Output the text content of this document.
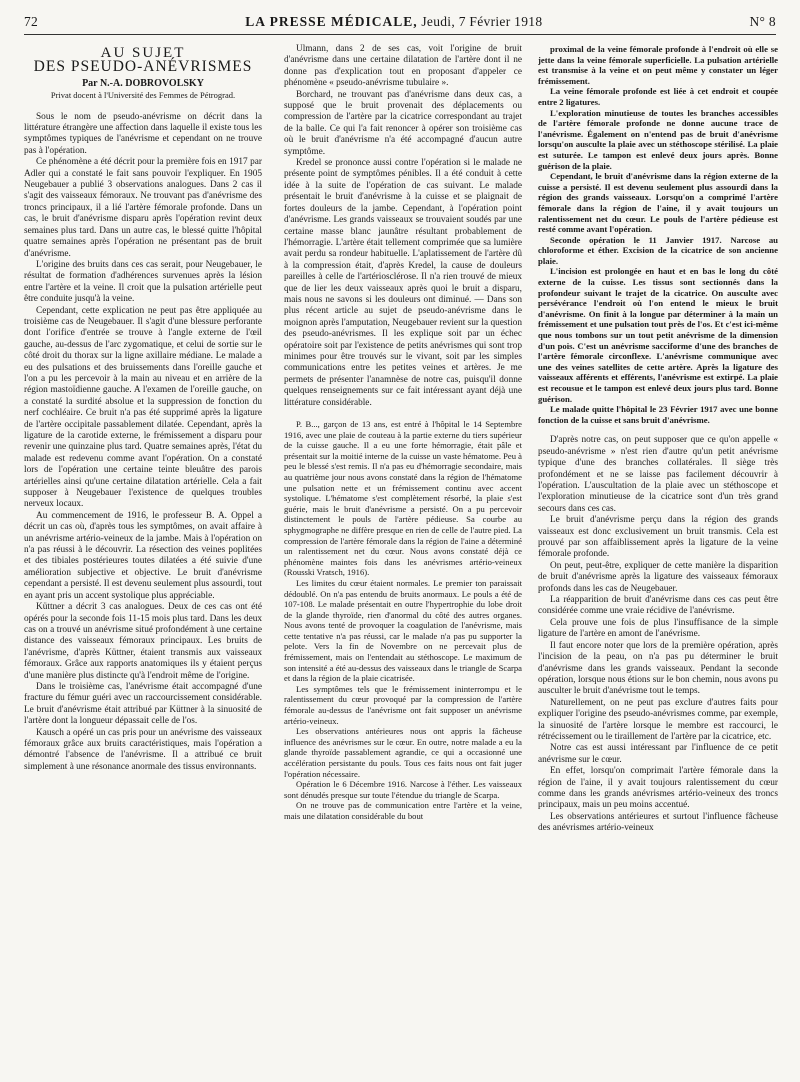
72	LA PRESSE MÉDICALE, Jeudi, 7 Février 1918	N° 8
AU SUJET
DES PSEUDO-ANÉVRISMES
Par N.-A. DOBROVOLSKY
Privat docent à l'Université des Femmes de Pétrograd.

Sous le nom de pseudo-anévrisme on décrit dans la littérature étrangère une affection dans laquelle il existe tous les symptômes typiques de l'anévrisme et cependant on ne trouve pas à l'opération.

Ce phénomène a été décrit pour la première fois en 1917 par Adler qui a constaté le fait sans pouvoir l'expliquer. En 1905 Neugebauer a publié 3 observations analogues. Dans 2 cas il s'agit des vaisseaux fémoraux. Ne trouvant pas d'anévrisme des troncs principaux, il a lié l'artère fémorale profonde. Dans un cas, le bruit d'anévrisme disparu après l'opération revint deux semaines plus tard. Dans un autre cas, le blessé quitte l'hôpital quatre semaines après l'opération ne présentant pas de bruit d'anévrisme.

L'origine des bruits dans ces cas serait, pour Neugebauer, le résultat de formation d'adhérences survenues après la lésion entre l'artère et la veine. Il croit que la pulsation artérielle peut être conduite jusqu'à la veine.

Cependant, cette explication ne peut pas être appliquée au troisième cas de Neugebauer. Il s'agit d'une blessure perforante dont l'orifice d'entrée se trouve à l'angle externe de l'œil gauche, au-dessus de l'arc zygomatique, et celui de sortie sur le côté droit du thorax sur la ligne axillaire médiane. Le malade a eu des pulsations et des bruissements dans l'oreille gauche et l'on a pu les percevoir à la main au niveau et en arrière de la région mastoïdienne gauche. A l'examen de l'oreille gauche, on a constaté la surdité absolue et la suppression de fonction du nerf cochléaire. Ce bruit n'a pas été supprimé après la ligature de l'artère occipitale passablement dilatée. Cependant, après la ligature de la carotide externe, le frémissement a disparu pour revenir une quinzaine plus tard. Quatre semaines après, l'état du malade est redevenu comme avant l'opération. On a constaté lors de l'opération une certaine teinte bleuâtre des parois artérielles ainsi qu'une certaine dilatation artérielle. Cela a fait supposer à Neugebauer l'existence de quelques troubles nerveux locaux.

Au commencement de 1916, le professeur B. A. Oppel a décrit un cas où, d'après tous les symptômes, on avait affaire à un anévrisme artério-veineux de la jambe. Mais à l'opération on n'a pas réussi à le découvrir. La résection des veines poplitées et des tibiales postérieures toutes dilatées a été suivie d'une amélioration subjective et objective. Le bruit d'anévrisme cependant a persisté. Il est devenu seulement plus assourdi, tout en ayant pris un accent systolique plus appréciable.

Küttner a décrit 3 cas analogues. Deux de ces cas ont été opérés pour la seconde fois 11-15 mois plus tard. Dans les deux cas on a trouvé un anévrisme situé profondément à une certaine distance des vaisseaux fémoraux principaux. Les bruits de l'anévrisme, d'après Küttner, étaient transmis aux vaisseaux fémoraux. Grâce aux rapports anatomiques ils y étaient perçus d'une manière plus distincte qu'à l'endroit même de l'origine.

Dans le troisième cas, l'anévrisme était accompagné d'une fracture du fémur guéri avec un raccourcissement considérable. Le bruit d'anévrisme était attribué par Küttner à la sinuosité de l'artère dont la longueur dépassait celle de l'os.

Kausch a opéré un cas pris pour un anévrisme des vaisseaux fémoraux grâce aux bruits caractéristiques, mais l'opération a démontré l'absence de l'anévrisme. Il a attribué ce bruit simplement à une résonance anormale des tissus environnants.

Ulmann, dans 2 de ses cas, voit l'origine de bruit d'anévrisme dans une certaine dilatation de l'artère dont il ne donne pas d'explication tout en proposant d'appeler ce phénomène « pseudo-anévrisme tubulaire ».

Borchard, ne trouvant pas d'anévrisme dans deux cas, a supposé que le bruit provenait des déplacements ou compression de l'artère par la cicatrice correspondant au trajet de la balle. Ce qui l'a fait renoncer à opérer son troisième cas où le bruit d'anévrisme n'a été accompagné d'aucun autre symptôme.

Kredel se prononce aussi contre l'opération si le malade ne présente point de symptômes pénibles. Il a été conduit à cette idée à la suite de l'opération de cas suivant. Le malade présentait le bruit d'anévrisme à la cuisse et se plaignait de fortes douleurs de la jambe. Cependant, à l'opération point d'anévrisme. Les grands vaisseaux se trouvaient soudés par une certaine masse blanc jaunâtre résultant probablement de l'hémorragie. L'artère était tellement comprimée que sa lumière avait perdu sa rondeur habituelle. L'aplatissement de l'artère dû à la compression était, d'après Kredel, la cause de douleurs pareilles à celle de l'artériosclérose. Il n'a rien trouvé de mieux que de lier les deux vaisseaux après quoi le bruit a disparu, mais nous ne savons si les douleurs ont diminué. — Dans son plus récent article au sujet de pseudo-anévrisme dans le moignon après l'amputation, Neugebauer revient sur la question des pseudo-anévrismes. Il les explique soit par un échec opératoire soit par l'existence de petits anévrismes qui sont trop minimes pour être trouvés sur le vivant, soit par les simples communications entre les petites veines et artères. Je me permets de présenter l'anamnèse de notre cas, puisqu'il donne quelques renseignements sur ce fait intéressant ayant déjà une littérature considérable.

P. B..., garçon de 13 ans, est entré à l'hôpital le 14 Septembre 1916, avec une plaie de couteau à la partie externe du tiers supérieur de la cuisse gauche. Il a eu une forte hémorragie, était pâle et présentait sur la moitié interne de la cuisse un vaste hématome. Peu à peu le blessé s'est remis. Il n'a pas eu d'hémorragie secondaire, mais au quatrième jour nous avons constaté dans la région de l'hématome une pulsation nette et un frémissement continu avec accent systolique. L'hématome s'est complètement résorbé, la plaie s'est guérie, mais le bruit d'anévrisme a persisté. On a pu percevoir distinctement le pouls de l'artère pédieuse. Sa courbe au sphygmographe ne diffère presque en rien de celle de l'autre pied. La compression de l'artère fémorale dans la région de l'aine a déterminé un ralentissement net du cœur. Nous avons constaté déjà ce phénomène maintes fois dans les anévrismes artério-veineux (Rousski Vratsch, 1916).

Les limites du cœur étaient normales. Le premier ton paraissait dédoublé. On n'a pas entendu de bruits anormaux. Le pouls a été de 107-108. Le malade présentait en outre l'hypertrophie du lobe droit de la glande thyroïde, rien d'anormal du côté des autres organes. Nous avons tenté de provoquer la coagulation de l'anévrisme, mais cette tentative n'a pas réussi, car le malade n'a pas pu supporter la pelote. Vers la fin de Novembre on ne percevait plus de frémissement, mais on l'entendait au stéthoscope. Le maximum de son intensité a été au-dessus des vaisseaux dans le triangle de Scarpa et dans la région de la plaie cicatrisée.

Les symptômes tels que le frémissement ininterrompu et le ralentissement du cœur provoqué par la compression de l'artère fémorale au-dessus de l'anévrisme ont fait supposer un anévrisme artério-veineux.

Les observations antérieures nous ont appris la fâcheuse influence des anévrismes sur le cœur. En outre, notre malade a eu la glande thyroïde passablement agrandie, ce qui a occasionné une accélération persistante du pouls. Tous ces faits nous ont fait juger l'opération nécessaire.

Opération le 6 Décembre 1916. Narcose à l'éther. Les vaisseaux sont dénudés presque sur toute l'étendue du triangle de Scarpa.

On ne trouve pas de communication entre l'artère et la veine, mais une dilatation considérable du bout

proximal de la veine fémorale profonde à l'endroit où elle se jette dans la veine fémorale superficielle. La pulsation artérielle est transmise à la veine et on peut même y constater un léger frémissement.

La veine fémorale profonde est liée à cet endroit et coupée entre 2 ligatures.

L'exploration minutieuse de toutes les branches accessibles de l'artère fémorale profonde ne donne aucune trace de l'anévrisme. Également on n'entend pas de bruit d'anévrisme lorsqu'on ausculte la plaie avec un stéthoscope stérilisé. La plaie est suturée. Le tampon est enlevé deux jours après. Bonne guérison de la plaie.

Cependant, le bruit d'anévrisme dans la région externe de la cuisse a persisté. Il est devenu seulement plus assourdi dans la région des grands vaisseaux. Lorsqu'on a comprimé l'artère fémorale dans la région de l'aine, il y avait toujours un ralentissement net du cœur. Le pouls de l'artère pédieuse est resté comme avant l'opération.

Seconde opération le 11 Janvier 1917. Narcose au chloroforme et éther. Excision de la cicatrice de son ancienne plaie.

L'incision est prolongée en haut et en bas le long du côté externe de la cuisse. Les tissus sont sectionnés dans la profondeur suivant le trajet de la cicatrice. On ausculte avec persévérance l'endroit où l'on entend le mieux le bruit d'anévrisme. On finit à la longue par déterminer à la main un frémissement et une pulsation tout près de l'os. Et c'est ici-même que nous tombons sur un tout petit anévrisme de la dimension d'un pois. C'est un anévrisme sacciforme d'une des branches de l'artère fémorale circonflexe. L'anévrisme communique avec une des veines satellites de cette artère. Après la ligature des vaisseaux afférents et efférents, l'anévrisme est extirpé. La plaie est recousue et le tampon est enlevé deux jours plus tard. Bonne guérison.

Le malade quitte l'hôpital le 23 Février 1917 avec une bonne fonction de la cuisse et sans bruit d'anévrisme.

D'après notre cas, on peut supposer que ce qu'on appelle « pseudo-anévrisme » n'est rien d'autre qu'un petit anévrisme typique d'une des branches collatérales. Il siège très profondément et ne se laisse pas facilement découvrir à l'opération. L'auscultation de la plaie avec un stéthoscope et l'exploration minutieuse de la cicatrice sont d'un très grand secours dans ces cas.

Le bruit d'anévrisme perçu dans la région des grands vaisseaux est donc exclusivement un bruit transmis. Cela est prouvé par son affaiblissement après la ligature de la veine fémorale profonde.

On peut, peut-être, expliquer de cette manière la disparition de bruit d'anévrisme après la ligature des vaisseaux fémoraux profonds dans les cas de Neugebauer.

La réapparition de bruit d'anévrisme dans ces cas peut être considérée comme une vraie récidive de l'anévrisme.

Cela prouve une fois de plus l'insuffisance de la simple ligature de l'artère en amont de l'anévrisme.

Il faut encore noter que lors de la première opération, après l'incision de la peau, on n'a pas pu déterminer le bruit d'anévrisme dans les grands vaisseaux. Pendant la seconde opération, lorsque nous étions sur le bon chemin, nous avons pu ausculter le bruit d'anévrisme tout le temps.

Naturellement, on ne peut pas exclure d'autres faits pour expliquer l'origine des pseudo-anévrismes comme, par exemple, la sinuosité de l'artère lorsque le membre est raccourci, le rétrécissement ou le tiraillement de l'artère par la cicatrice, etc.

Notre cas est aussi intéressant par l'influence de ce petit anévrisme sur le cœur.

En effet, lorsqu'on comprimait l'artère fémorale dans la région de l'aine, il y avait toujours ralentissement du cœur comme dans les grands anévrismes artério-veineux des troncs principaux, mais un peu moins accentué.

Les observations antérieures et surtout l'influence fâcheuse des anévrismes artério-veineux
